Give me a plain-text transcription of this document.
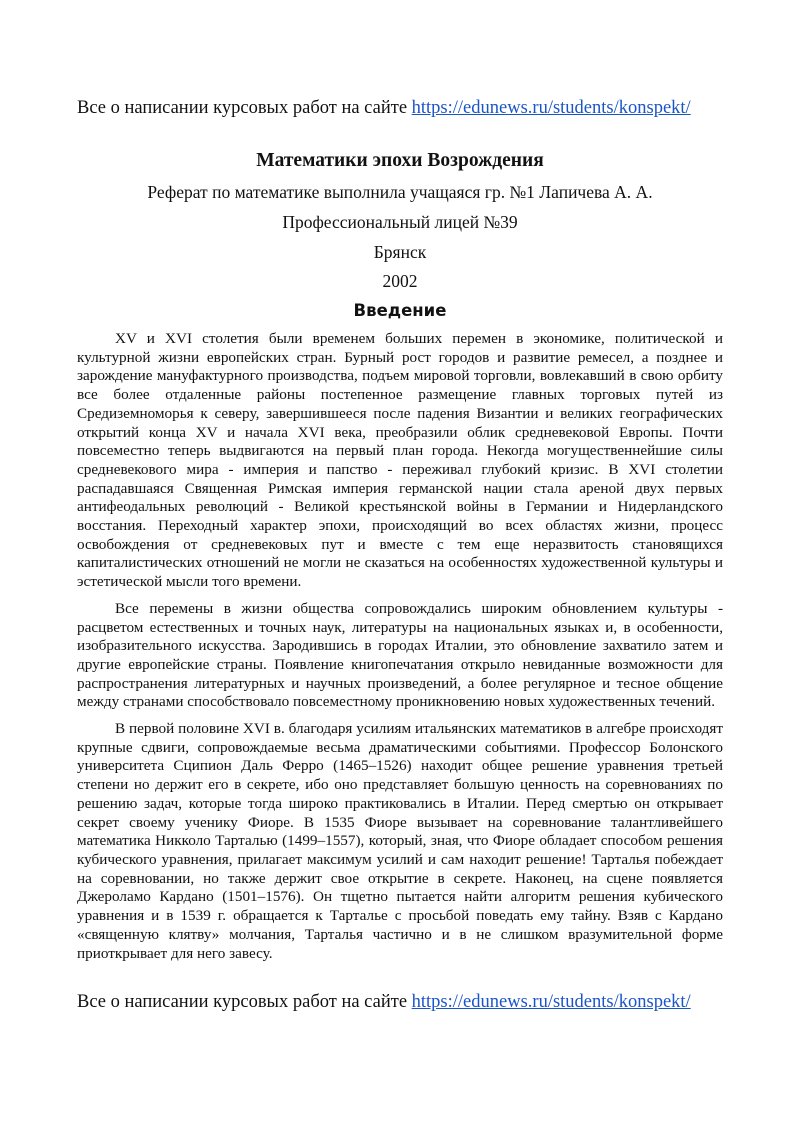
Все о написании курсовых работ на сайте https://edunews.ru/students/konspekt/
Математики эпохи Возрождения
Реферат по математике выполнила учащаяся гр. №1 Лапичева А. А.
Профессиональный лицей №39
Брянск
2002
Введение

XV и XVI столетия были временем больших перемен в экономике, политической и культурной жизни европейских стран. Бурный рост городов и развитие ремесел, а позднее и зарождение мануфактурного производства, подъем мировой торговли, вовлекавший в свою орбиту все более отдаленные районы постепенное размещение главных торговых путей из Средиземноморья к севеpу, завершившееся после падения Византии и великих географических открытий конца XV и начала XVI века, преобразили облик средневековой Европы. Почти повсеместно теперь выдвигаются на первый план города. Некогда могущественнейшие силы средневекового мира - империя и папство - переживал глубокий кризис. В XVI столетии распадавшаяся Священная Римская империя германской нации стала ареной двух первых антифеодальных революций - Великой крестьянской войны в Германии и Нидерландского восстания. Переходный характер эпохи, происходящий во всех областях жизни, процесс освобождения от средневековых пут и вместе с тем еще неразвитость становящихся капиталистических отношений не могли не сказаться на особенностях художественной культуры и эстетической мысли того времени.

Все перемены в жизни общества сопровождались широким обновлением культуры - расцветом естественных и точных наук, литературы на национальных языках и, в особенности, изобразительного искусства. Зародившись в городах Италии, это обновление захватило затем и другие европейские страны. Появление книгопечатания открыло невиданные возможности для распространения литературных и научных произведений, а более регулярное и тесное общение между странами способствовало повсеместному проникновению новых художественных течений.

В первой половине XVI в. благодаря усилиям итальянских математиков в алгебре происходят крупные сдвиги, сопровождаемые весьма драматическими событиями. Профессор Болонского университета Сципион Даль Ферро (1465–1526) находит общее решение уравнения третьей степени но держит его в секрете, ибо оно представляет большую ценность на соревнованиях по решению задач, которые тогда широко практиковались в Италии. Перед смертью он открывает секрет своему ученику Фиоре. В 1535 Фиоре вызывает на соревнование талантливейшего математика Никколо Тарталью (1499–1557), который, зная, что Фиоре обладает способом решения кубического уравнения, прилагает максимум усилий и сам находит решение! Тарталья побеждает на соревновании, но также держит свое открытие в секрете. Наконец, на сцене появляется Джероламо Кардано (1501–1576). Он тщетно пытается найти алгоритм решения кубического уравнения и в 1539 г. обращается к Тарталье с просьбой поведать ему тайну. Взяв с Кардано «священную клятву» молчания, Тарталья частично и в не слишком вразумительной форме приоткрывает для него завесу.

Все о написании курсовых работ на сайте https://edunews.ru/students/konspekt/
